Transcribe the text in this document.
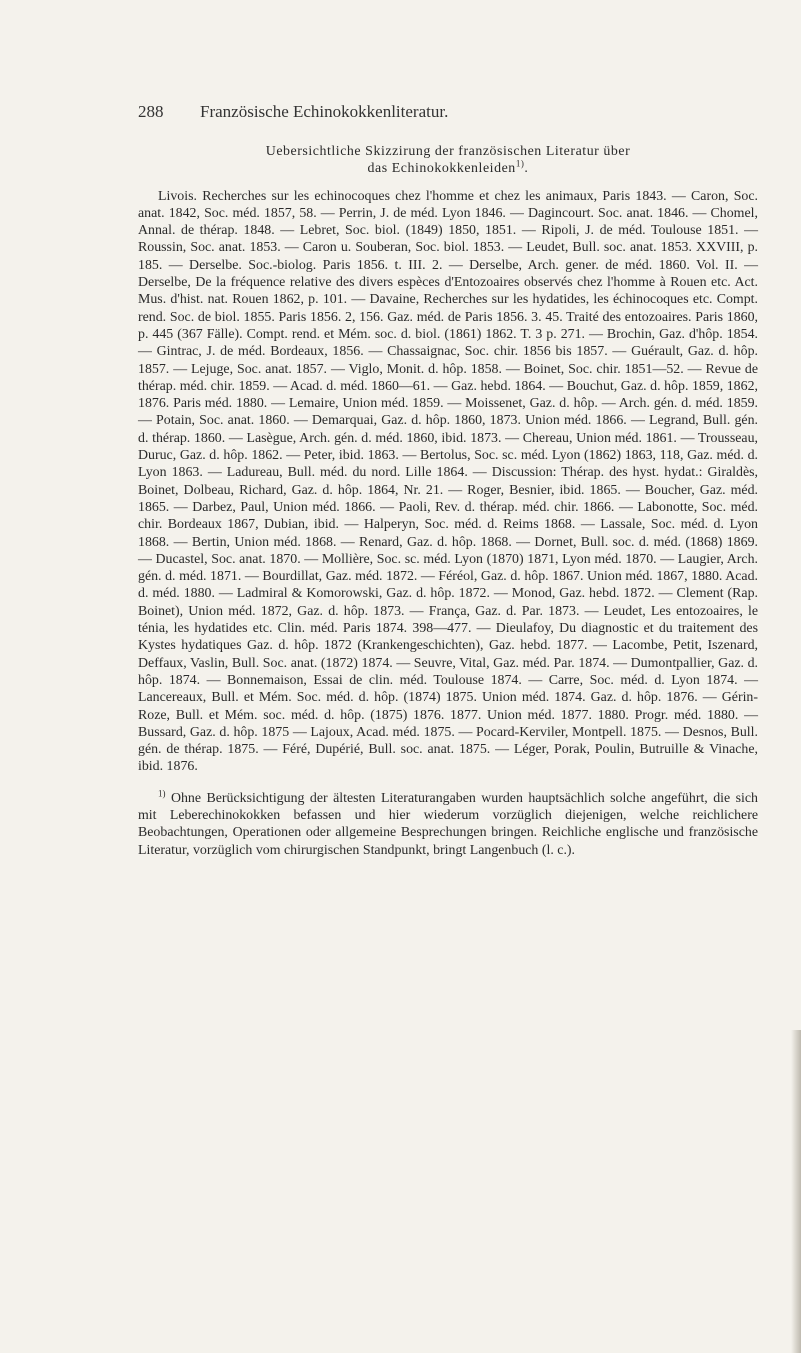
288 Französische Echinokokkenliteratur.

Uebersichtliche Skizzirung der französischen Literatur über

das Echinokokkenleiden$^{1)}$.

Livois. Recherches sur les echinocoques chez l'homme et chez les animaux, Paris 1843. — Caron, Soc. anat. 1842, Soc. méd. 1857, 58. — Perrin, J. de méd. Lyon 1846. — Dagincourt. Soc. anat. 1846. — Chomel, Annal. de thérap. 1848. — Lebret, Soc. biol. (1849) 1850, 1851. — Ripoli, J. de méd. Toulouse 1851. — Roussin, Soc. anat. 1853. — Caron u. Souberan, Soc. biol. 1853. — Leudet, Bull. soc. anat. 1853. XXVIII, p. 185. — Derselbe. Soc.-biolog. Paris 1856. t. III. 2. — Derselbe, Arch. gener. de méd. 1860. Vol. II. — Derselbe, De la fréquence relative des divers espèces d'Entozoaires observés chez l'homme à Rouen etc. Act. Mus. d'hist. nat. Rouen 1862, p. 101. — Davaine, Recherches sur les hydatides, les échinocoques etc. Compt. rend. Soc. de biol. 1855. Paris 1856. 2, 156. Gaz. méd. de Paris 1856. 3. 45. Traité des entozoaires. Paris 1860, p. 445 (367 Fälle). Compt. rend. et Mém. soc. d. biol. (1861) 1862. T. 3 p. 271. — Brochin, Gaz. d'hôp. 1854. — Gintrac, J. de méd. Bordeaux, 1856. — Chassaignac, Soc. chir. 1856 bis 1857. — Guérault, Gaz. d. hôp. 1857. — Lejuge, Soc. anat. 1857. — Viglo, Monit. d. hôp. 1858. — Boinet, Soc. chir. 1851—52. — Revue de thérap. méd. chir. 1859. — Acad. d. méd. 1860—61. — Gaz. hebd. 1864. — Bouchut, Gaz. d. hôp. 1859, 1862, 1876. Paris méd. 1880. — Lemaire, Union méd. 1859. — Moissenet, Gaz. d. hôp. — Arch. gén. d. méd. 1859. — Potain, Soc. anat. 1860. — Demarquai, Gaz. d. hôp. 1860, 1873. Union méd. 1866. — Legrand, Bull. gén. d. thérap. 1860. — Lasègue, Arch. gén. d. méd. 1860, ibid. 1873. — Chereau, Union méd. 1861. — Trousseau, Duruc, Gaz. d. hôp. 1862. — Peter, ibid. 1863. — Bertolus, Soc. sc. méd. Lyon (1862) 1863, 118, Gaz. méd. d. Lyon 1863. — Ladureau, Bull. méd. du nord. Lille 1864. — Discussion: Thérap. des hyst. hydat.: Giraldès, Boinet, Dolbeau, Richard, Gaz. d. hôp. 1864, Nr. 21. — Roger, Besnier, ibid. 1865. — Boucher, Gaz. méd. 1865. — Darbez, Paul, Union méd. 1866. — Paoli, Rev. d. thérap. méd. chir. 1866. — Labonotte, Soc. méd. chir. Bordeaux 1867, Dubian, ibid. — Halperyn, Soc. méd. d. Reims 1868. — Lassale, Soc. méd. d. Lyon 1868. — Bertin, Union méd. 1868. — Renard, Gaz. d. hôp. 1868. — Dornet, Bull. soc. d. méd. (1868) 1869. — Ducastel, Soc. anat. 1870. — Mollière, Soc. sc. méd. Lyon (1870) 1871, Lyon méd. 1870. — Laugier, Arch. gén. d. méd. 1871. — Bourdillat, Gaz. méd. 1872. — Féréol, Gaz. d. hôp. 1867. Union méd. 1867, 1880. Acad. d. méd. 1880. — Ladmiral & Komorowski, Gaz. d. hôp. 1872. — Monod, Gaz. hebd. 1872. — Clement (Rap. Boinet), Union méd. 1872, Gaz. d. hôp. 1873. — França, Gaz. d. Par. 1873. — Leudet, Les entozoaires, le ténia, les hydatides etc. Clin. méd. Paris 1874. 398—477. — Dieulafoy, Du diagnostic et du traitement des Kystes hydatiques Gaz. d. hôp. 1872 (Krankengeschichten), Gaz. hebd. 1877. — Lacombe, Petit, Iszenard, Deffaux, Vaslin, Bull. Soc. anat. (1872) 1874. — Seuvre, Vital, Gaz. méd. Par. 1874. — Dumontpallier, Gaz. d. hôp. 1874. — Bonnemaison, Essai de clin. méd. Toulouse 1874. — Carre, Soc. méd. d. Lyon 1874. — Lancereaux, Bull. et Mém. Soc. méd. d. hôp. (1874) 1875. Union méd. 1874. Gaz. d. hôp. 1876. — Gérin-Roze, Bull. et Mém. soc. méd. d. hôp. (1875) 1876. 1877. Union méd. 1877. 1880. Progr. méd. 1880. — Bussard, Gaz. d. hôp. 1875 — Lajoux, Acad. méd. 1875. — Pocard-Kerviler, Montpell. 1875. — Desnos, Bull. gén. de thérap. 1875. — Féré, Dupérié, Bull. soc. anat. 1875. — Léger, Porak, Poulin, Butruille & Vinache, ibid. 1876.

$^{1)}$ Ohne Berücksichtigung der ältesten Literaturangaben wurden hauptsächlich solche angeführt, die sich mit Leberechinokokken befassen und hier wiederum vorzüglich diejenigen, welche reichlichere Beobachtungen, Operationen oder allgemeine Besprechungen bringen. Reichliche englische und französische Literatur, vorzüglich vom chirurgischen Standpunkt, bringt Langenbuch (l. c.).
